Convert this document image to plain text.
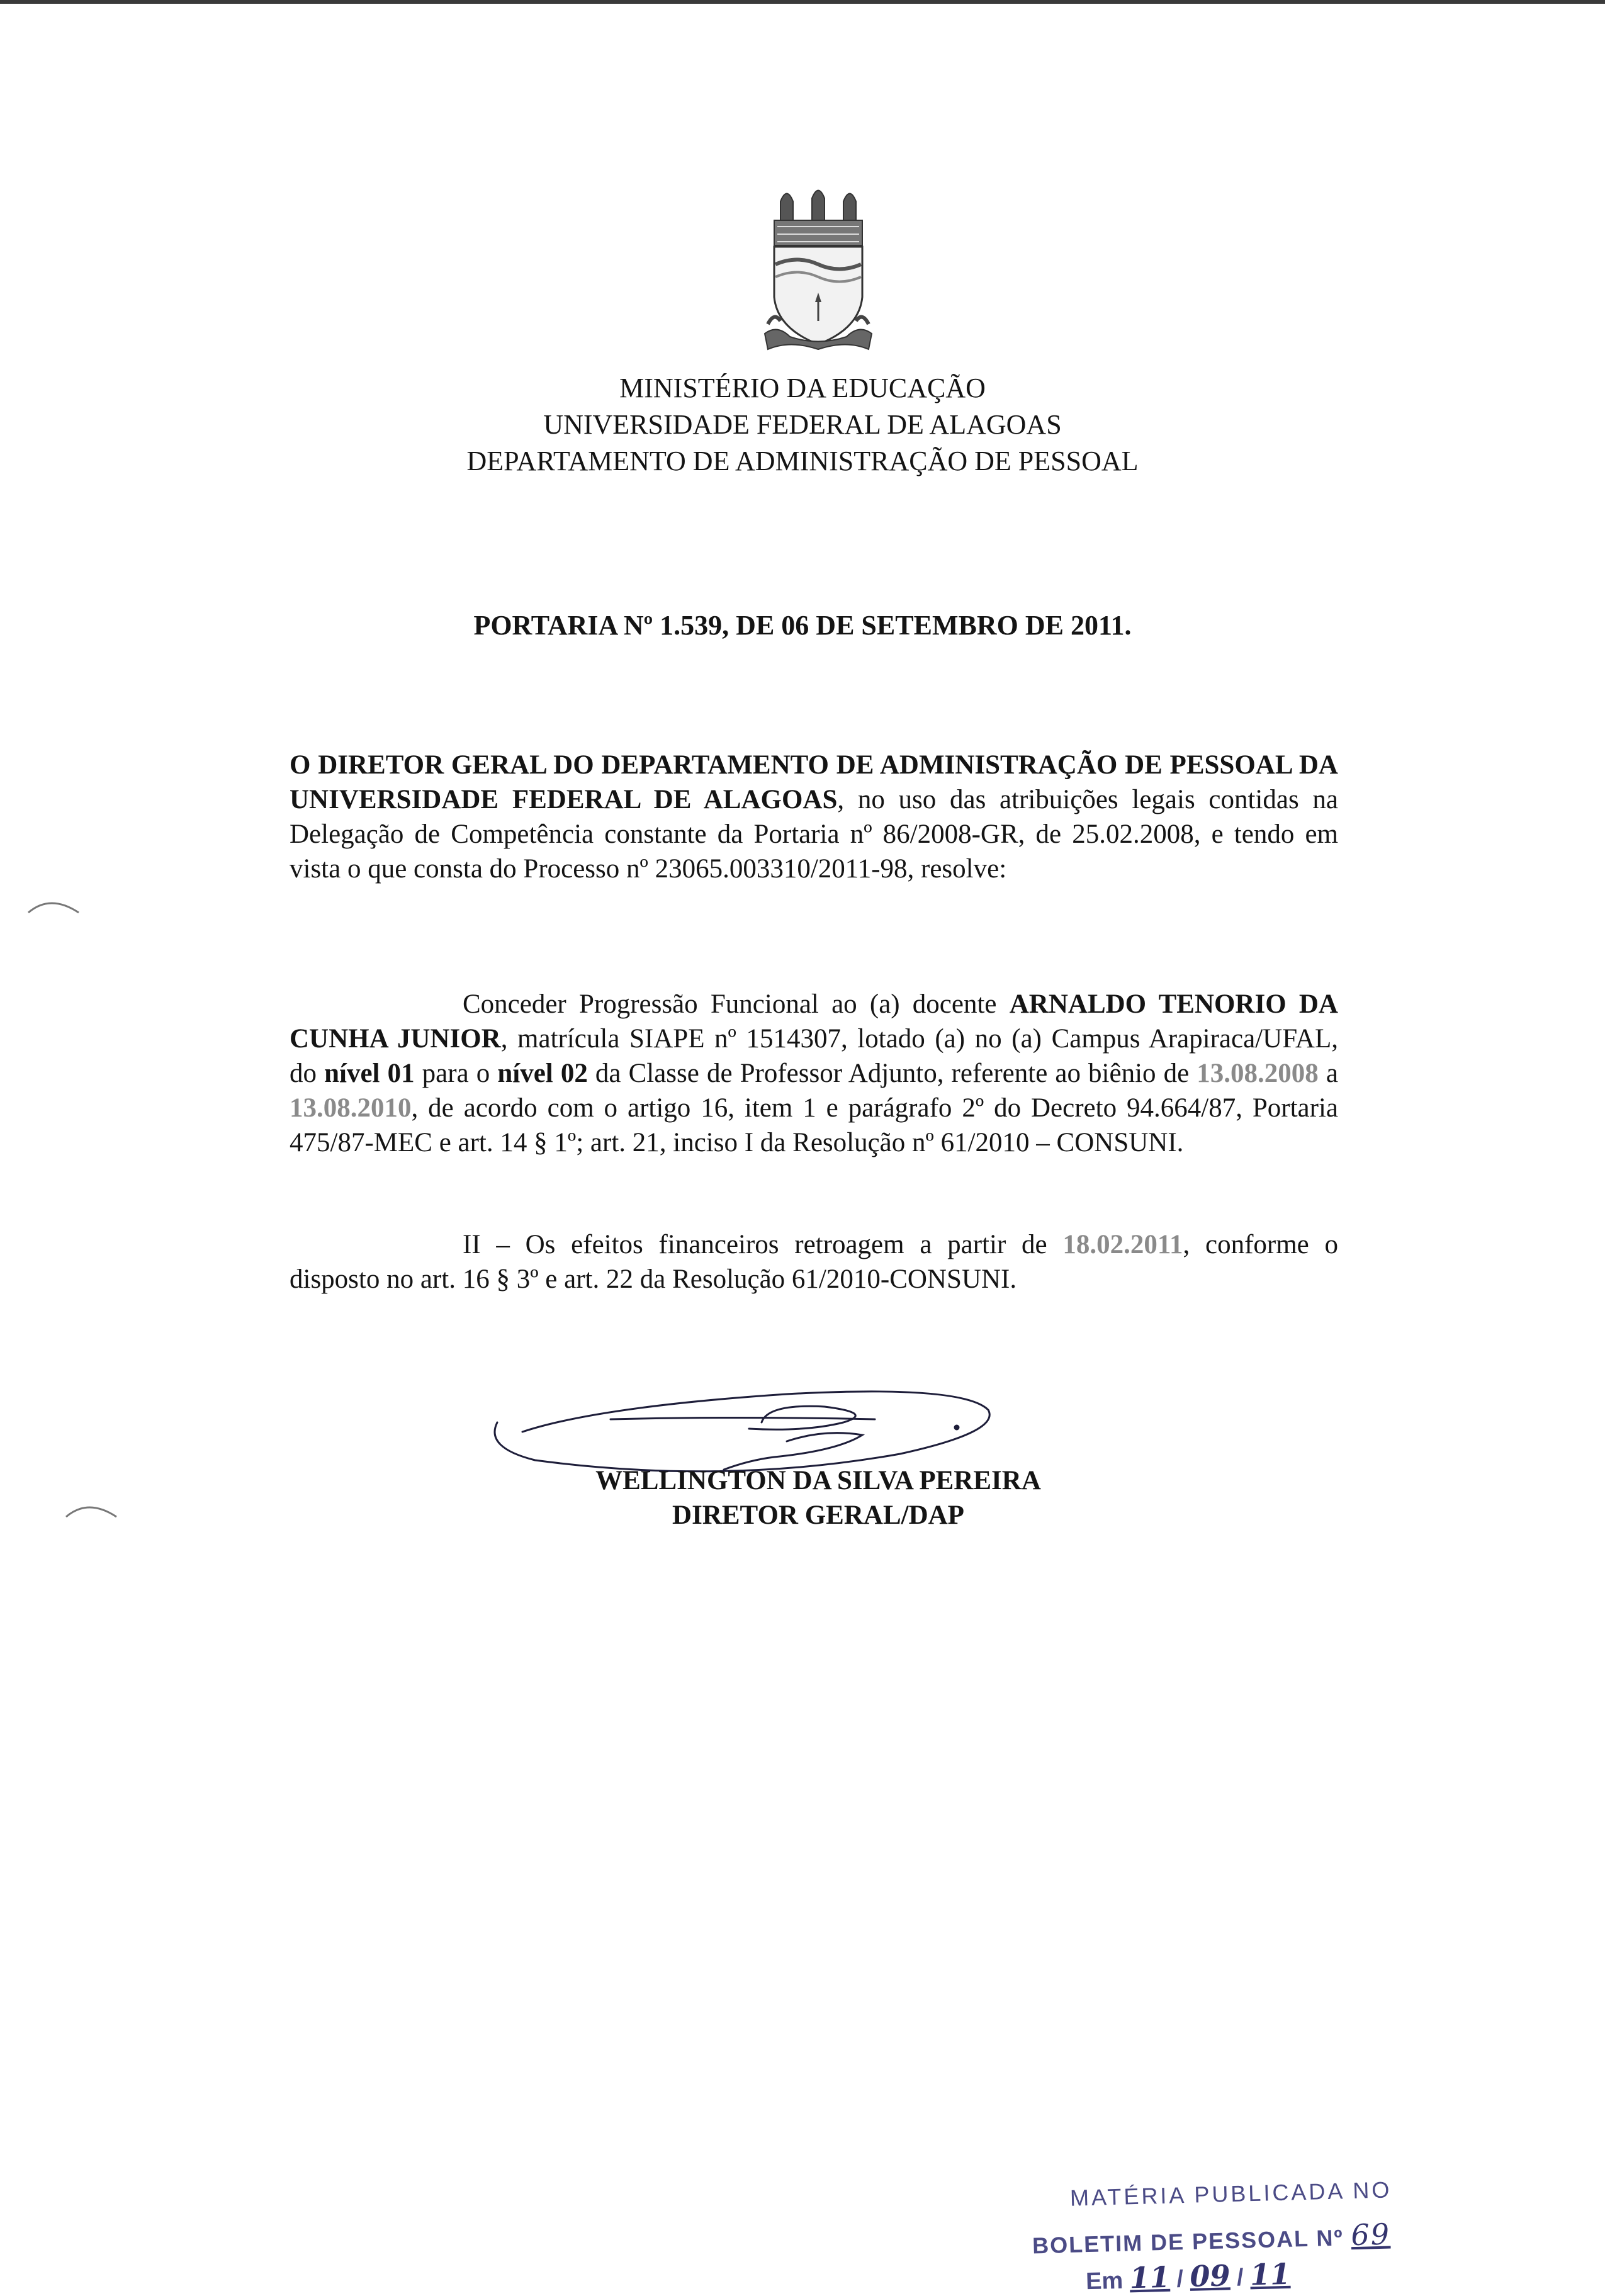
MINISTÉRIO DA EDUCAÇÃO
UNIVERSIDADE FEDERAL DE ALAGOAS
DEPARTAMENTO DE ADMINISTRAÇÃO DE PESSOAL
PORTARIA Nº 1.539, DE 06 DE SETEMBRO DE 2011.
O DIRETOR GERAL DO DEPARTAMENTO DE ADMINISTRAÇÃO DE PESSOAL DA UNIVERSIDADE FEDERAL DE ALAGOAS, no uso das atribuições legais contidas na Delegação de Competência constante da Portaria nº 86/2008-GR, de 25.02.2008, e tendo em vista o que consta do Processo nº 23065.003310/2011-98, resolve:
Conceder Progressão Funcional ao (a) docente ARNALDO TENORIO DA CUNHA JUNIOR, matrícula SIAPE nº 1514307, lotado (a) no (a) Campus Arapiraca/UFAL, do nível 01 para o nível 02 da Classe de Professor Adjunto, referente ao biênio de 13.08.2008 a 13.08.2010, de acordo com o artigo 16, item 1 e parágrafo 2º do Decreto 94.664/87, Portaria 475/87-MEC e art. 14 § 1º; art. 21, inciso I da Resolução nº 61/2010 – CONSUNI.
II – Os efeitos financeiros retroagem a partir de 18.02.2011, conforme o disposto no art. 16 § 3º e art. 22 da Resolução 61/2010-CONSUNI.
WELLINGTON DA SILVA PEREIRA
DIRETOR GERAL/DAP
MATÉRIA PUBLICADA NO
BOLETIM DE PESSOAL Nº 69
Em 11 / 09 / 11
